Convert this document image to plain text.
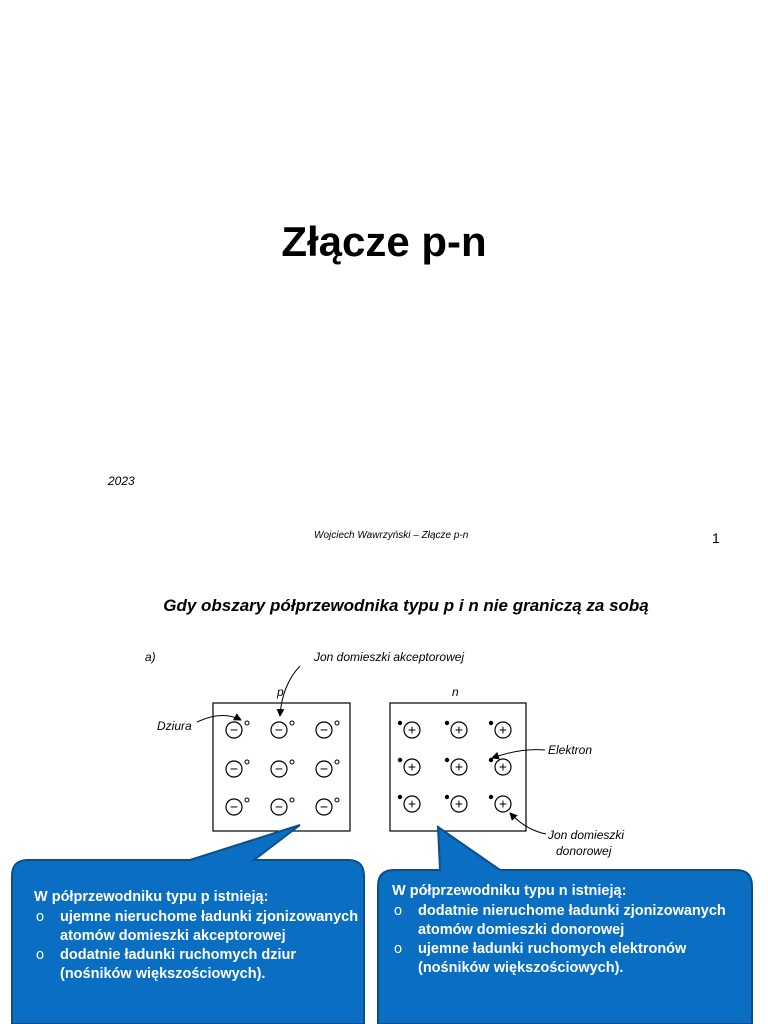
Złącze p-n
2023
Wojciech Wawrzyński – Złącze p-n	1
Gdy obszary półprzewodnika typu p i n nie graniczą za sobą
a)
p	n
−	−	−
−	−	−
−	−	−
+	+	+
+	+	+
+	+	+
Jon domieszki akceptorowej
Dziura
Elektron
Jon domieszki
donorowej
W półprzewodniku typu p istnieją:
o ujemne nieruchome ładunki zjonizowanych atomów domieszki akceptorowej
o dodatnie ładunki ruchomych dziur (nośników większościowych).
W półprzewodniku typu n istnieją:
o dodatnie nieruchome ładunki zjonizowanych atomów domieszki donorowej
o ujemne ładunki ruchomych elektronów (nośników większościowych).
